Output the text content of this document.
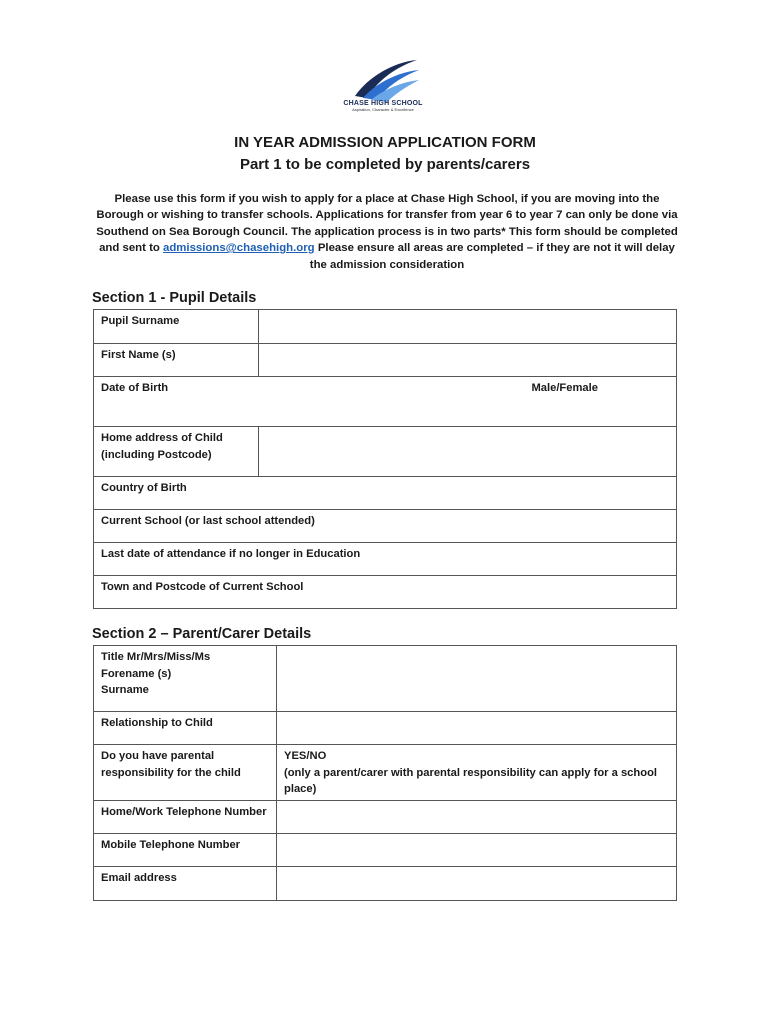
CHASE HIGH SCHOOL
Aspiration, Character & Excellence
IN YEAR ADMISSION APPLICATION FORM
Part 1 to be completed by parents/carers
Please use this form if you wish to apply for a place at Chase High School, if you are moving into the Borough or wishing to transfer schools. Applications for transfer from year 6 to year 7 can only be done via Southend on Sea Borough Council. The application process is in two parts* This form should be completed and sent to admissions@chasehigh.org Please ensure all areas are completed – if they are not it will delay the admission consideration
Section 1 - Pupil Details
Pupil Surname	
First Name (s)	
Date of Birth Male/Female	

Home address of Child (including Postcode)	
Country of Birth	
Current School (or last school attended)	
Last date of attendance if no longer in Education	
Town and Postcode of Current School	
Section 2 – Parent/Carer Details
Title Mr/Mrs/Miss/Ms
Forename (s)
Surname	

Relationship to Child	
Do you have parental responsibility for the child	YES/NO
(only a parent/carer with parental responsibility can apply for a school place)

Home/Work Telephone Number	
Mobile Telephone Number	
Email address	
